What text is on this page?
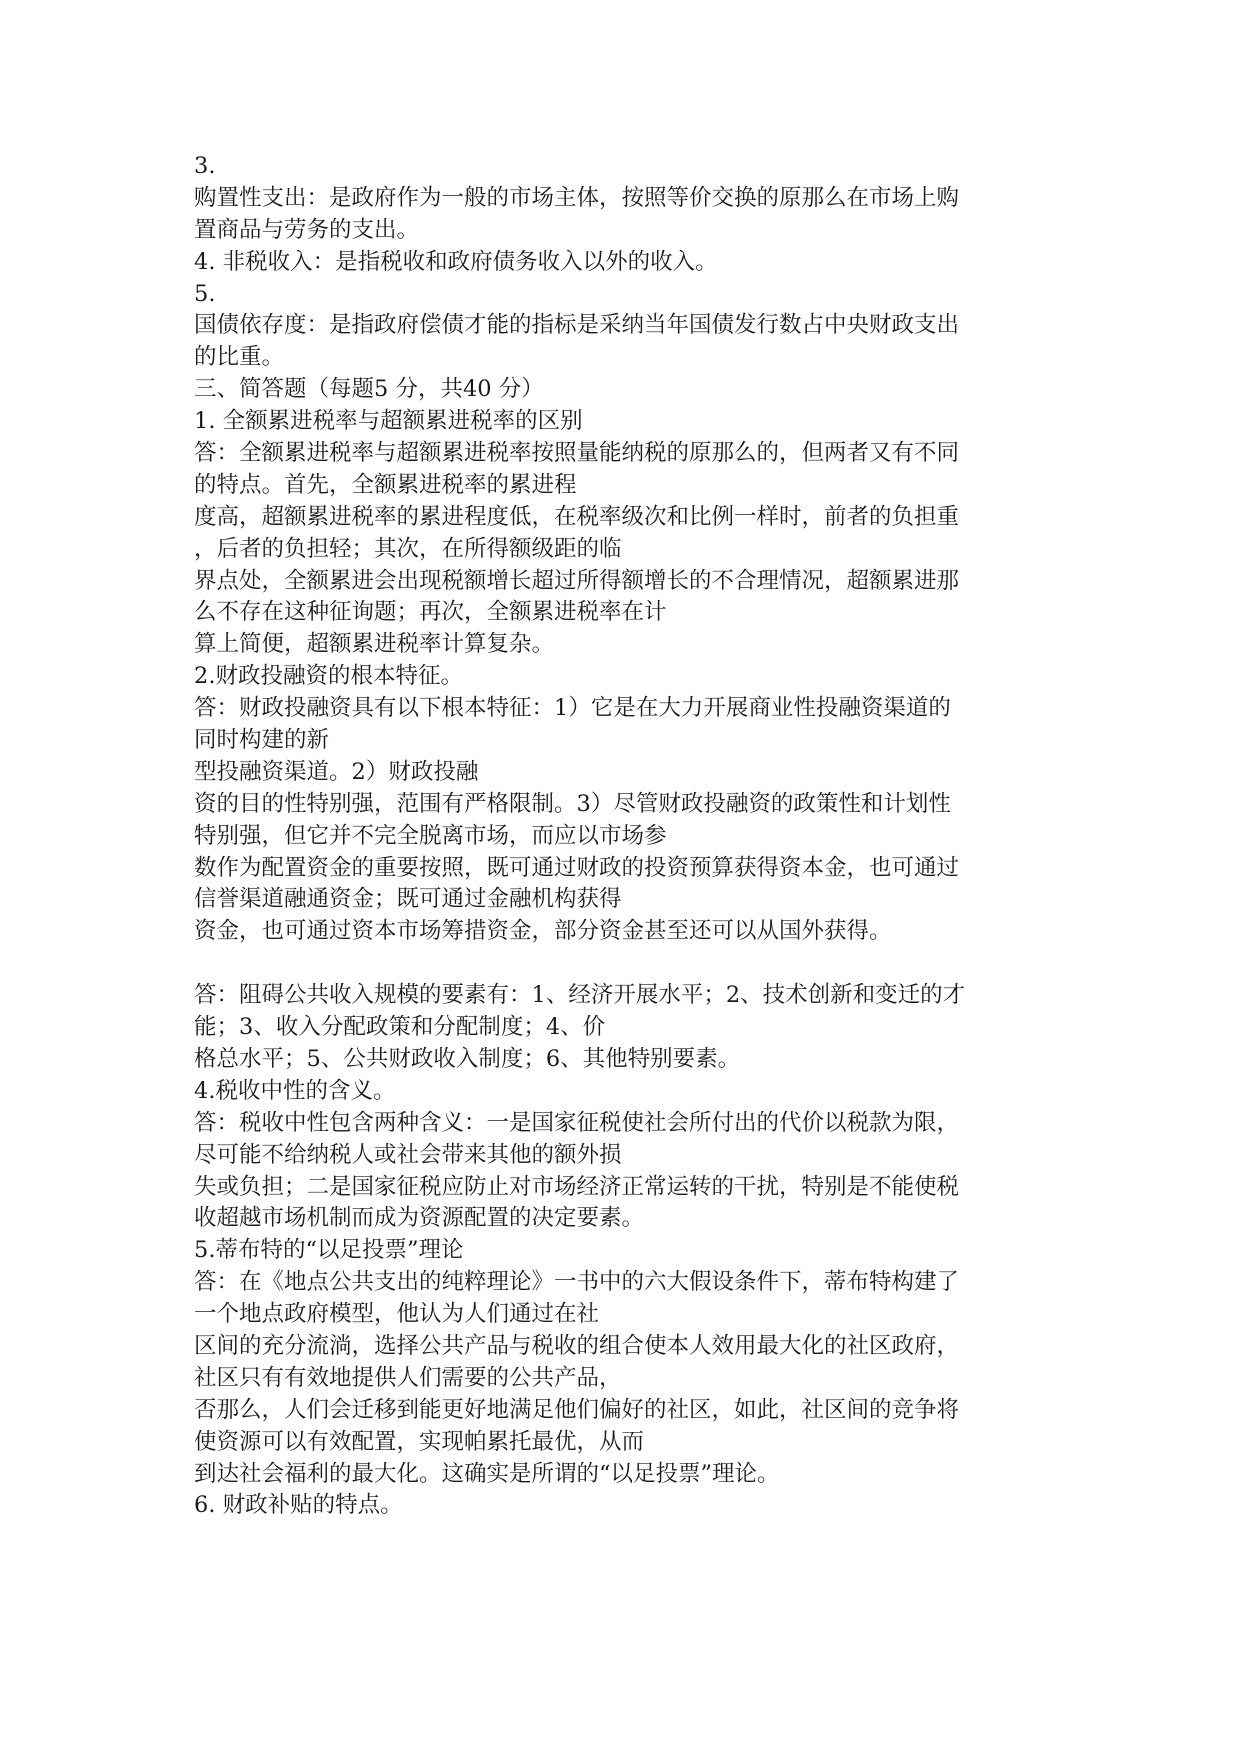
3.
购置性支出：是政府作为一般的市场主体，按照等价交换的原那么在市场上购
置商品与劳务的支出。
4. 非税收入：是指税收和政府债务收入以外的收入。
5.
国债依存度：是指政府偿债才能的指标是采纳当年国债发行数占中央财政支出
的比重。
三、简答题（每题5 分，共40 分）
1. 全额累进税率与超额累进税率的区别
答：全额累进税率与超额累进税率按照量能纳税的原那么的，但两者又有不同
的特点。首先，全额累进税率的累进程
度高，超额累进税率的累进程度低，在税率级次和比例一样时，前者的负担重
，后者的负担轻；其次，在所得额级距的临
界点处，全额累进会出现税额增长超过所得额增长的不合理情况，超额累进那
么不存在这种征询题；再次，全额累进税率在计
算上简便，超额累进税率计算复杂。
2.财政投融资的根本特征。
答：财政投融资具有以下根本特征：1）它是在大力开展商业性投融资渠道的
同时构建的新
型投融资渠道。2）财政投融
资的目的性特别强，范围有严格限制。3）尽管财政投融资的政策性和计划性
特别强，但它并不完全脱离市场，而应以市场参
数作为配置资金的重要按照，既可通过财政的投资预算获得资本金，也可通过
信誉渠道融通资金；既可通过金融机构获得
资金，也可通过资本市场筹措资金，部分资金甚至还可以从国外获得。
答：阻碍公共收入规模的要素有：1、经济开展水平；2、技术创新和变迁的才
能；3、收入分配政策和分配制度；4、价
格总水平；5、公共财政收入制度；6、其他特别要素。
4.税收中性的含义。
答：税收中性包含两种含义：一是国家征税使社会所付出的代价以税款为限，
尽可能不给纳税人或社会带来其他的额外损
失或负担；二是国家征税应防止对市场经济正常运转的干扰，特别是不能使税
收超越市场机制而成为资源配置的决定要素。
5.蒂布特的“以足投票”理论
答：在《地点公共支出的纯粹理论》一书中的六大假设条件下，蒂布特构建了
一个地点政府模型，他认为人们通过在社
区间的充分流淌，选择公共产品与税收的组合使本人效用最大化的社区政府，
社区只有有效地提供人们需要的公共产品，
否那么，人们会迁移到能更好地满足他们偏好的社区，如此，社区间的竞争将
使资源可以有效配置，实现帕累托最优，从而
到达社会福利的最大化。这确实是所谓的“以足投票”理论。
6. 财政补贴的特点。
